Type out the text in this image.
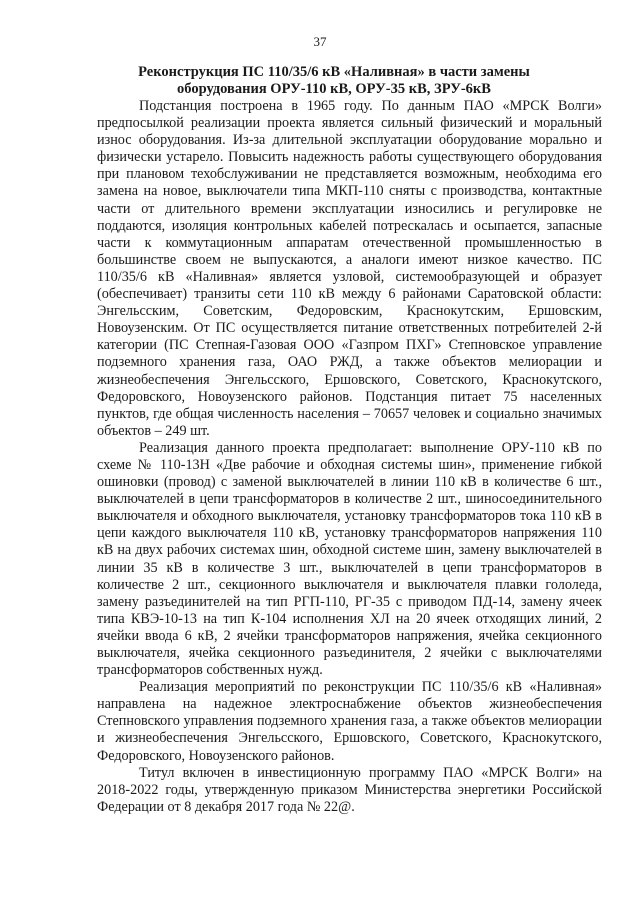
37
Реконструкция ПС 110/35/6 кВ «Наливная» в части замены
оборудования ОРУ-110 кВ, ОРУ-35 кВ, ЗРУ-6кВ

Подстанция построена в 1965 году. По данным ПАО «МРСК Волги» предпосылкой реализации проекта является сильный физический и моральный износ оборудования. Из-за длительной эксплуатации оборудование морально и физически устарело. Повысить надежность работы существующего оборудования при плановом техобслуживании не представляется возможным, необходима его замена на новое, выключатели типа МКП-110 сняты с производства, контактные части от длительного времени эксплуатации износились и регулировке не поддаются, изоляция контрольных кабелей потрескалась и осыпается, запасные части к коммутационным аппаратам отечественной промышленностью в большинстве своем не выпускаются, а аналоги имеют низкое качество. ПС 110/35/6 кВ «Наливная» является узловой, системообразующей и образует (обеспечивает) транзиты сети 110 кВ между 6 районами Саратовской области: Энгельсским, Советским, Федоровским, Краснокутским, Ершовским, Новоузенским. От ПС осуществляется питание ответственных потребителей 2-й категории (ПС Степная-Газовая ООО «Газпром ПХГ» Степновское управление подземного хранения газа, ОАО РЖД, а также объектов мелиорации и жизнеобеспечения Энгельсского, Ершовского, Советского, Краснокутского, Федоровского, Новоузенского районов. Подстанция питает 75 населенных пунктов, где общая численность населения – 70657 человек и социально значимых объектов – 249 шт.

Реализация данного проекта предполагает: выполнение ОРУ-110 кВ по схеме № 110-13Н «Две рабочие и обходная системы шин», применение гибкой ошиновки (провод) с заменой выключателей в линии 110 кВ в количестве 6 шт., выключателей в цепи трансформаторов в количестве 2 шт., шиносоединительного выключателя и обходного выключателя, установку трансформаторов тока 110 кВ в цепи каждого выключателя 110 кВ, установку трансформаторов напряжения 110 кВ на двух рабочих системах шин, обходной системе шин, замену выключателей в линии 35 кВ в количестве 3 шт., выключателей в цепи трансформаторов в количестве 2 шт., секционного выключателя и выключателя плавки гололеда, замену разъединителей на тип РГП-110, РГ-35 с приводом ПД-14, замену ячеек типа КВЭ-10-13 на тип К-104 исполнения ХЛ на 20 ячеек отходящих линий, 2 ячейки ввода 6 кВ, 2 ячейки трансформаторов напряжения, ячейка секционного выключателя, ячейка секционного разъединителя, 2 ячейки с выключателями трансформаторов собственных нужд.

Реализация мероприятий по реконструкции ПС 110/35/6 кВ «Наливная» направлена на надежное электроснабжение объектов жизнеобеспечения Степновского управления подземного хранения газа, а также объектов мелиорации и жизнеобеспечения Энгельсского, Ершовского, Советского, Краснокутского, Федоровского, Новоузенского районов.

Титул включен в инвестиционную программу ПАО «МРСК Волги» на 2018-2022 годы, утвержденную приказом Министерства энергетики Российской Федерации от 8 декабря 2017 года № 22@.
